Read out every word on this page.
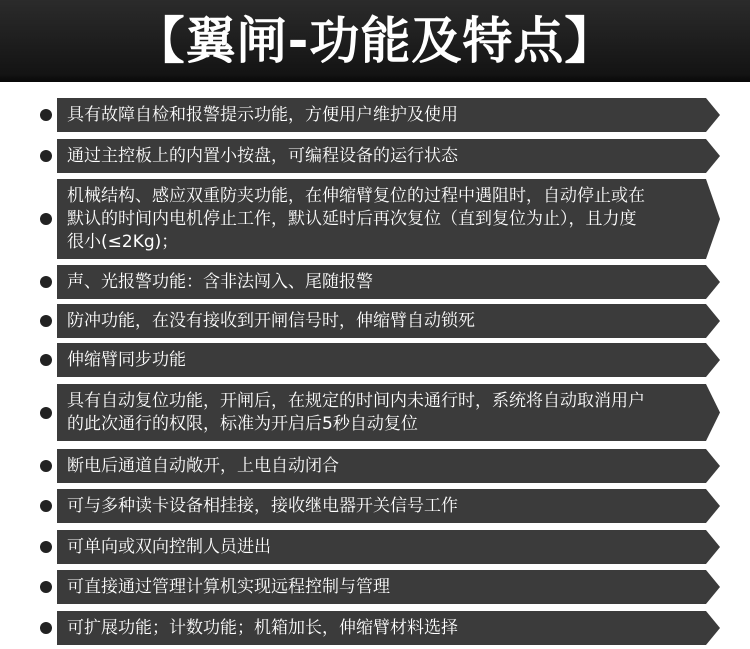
【翼闸-功能及特点】
具有故障自检和报警提示功能，方便用户维护及使用
通过主控板上的内置小按盘，可编程设备的运行状态
机械结构、感应双重防夹功能，在伸缩臂复位的过程中遇阻时，自动停止或在
默认的时间内电机停止工作，默认延时后再次复位（直到复位为止），且力度
很小(≤2Kg)；
声、光报警功能：含非法闯入、尾随报警
防冲功能，在没有接收到开闸信号时，伸缩臂自动锁死
伸缩臂同步功能
具有自动复位功能，开闸后，在规定的时间内未通行时，系统将自动取消用户
的此次通行的权限，标准为开启后5秒自动复位
断电后通道自动敞开，上电自动闭合
可与多种读卡设备相挂接，接收继电器开关信号工作
可单向或双向控制人员进出
可直接通过管理计算机实现远程控制与管理
可扩展功能；计数功能；机箱加长，伸缩臂材料选择
